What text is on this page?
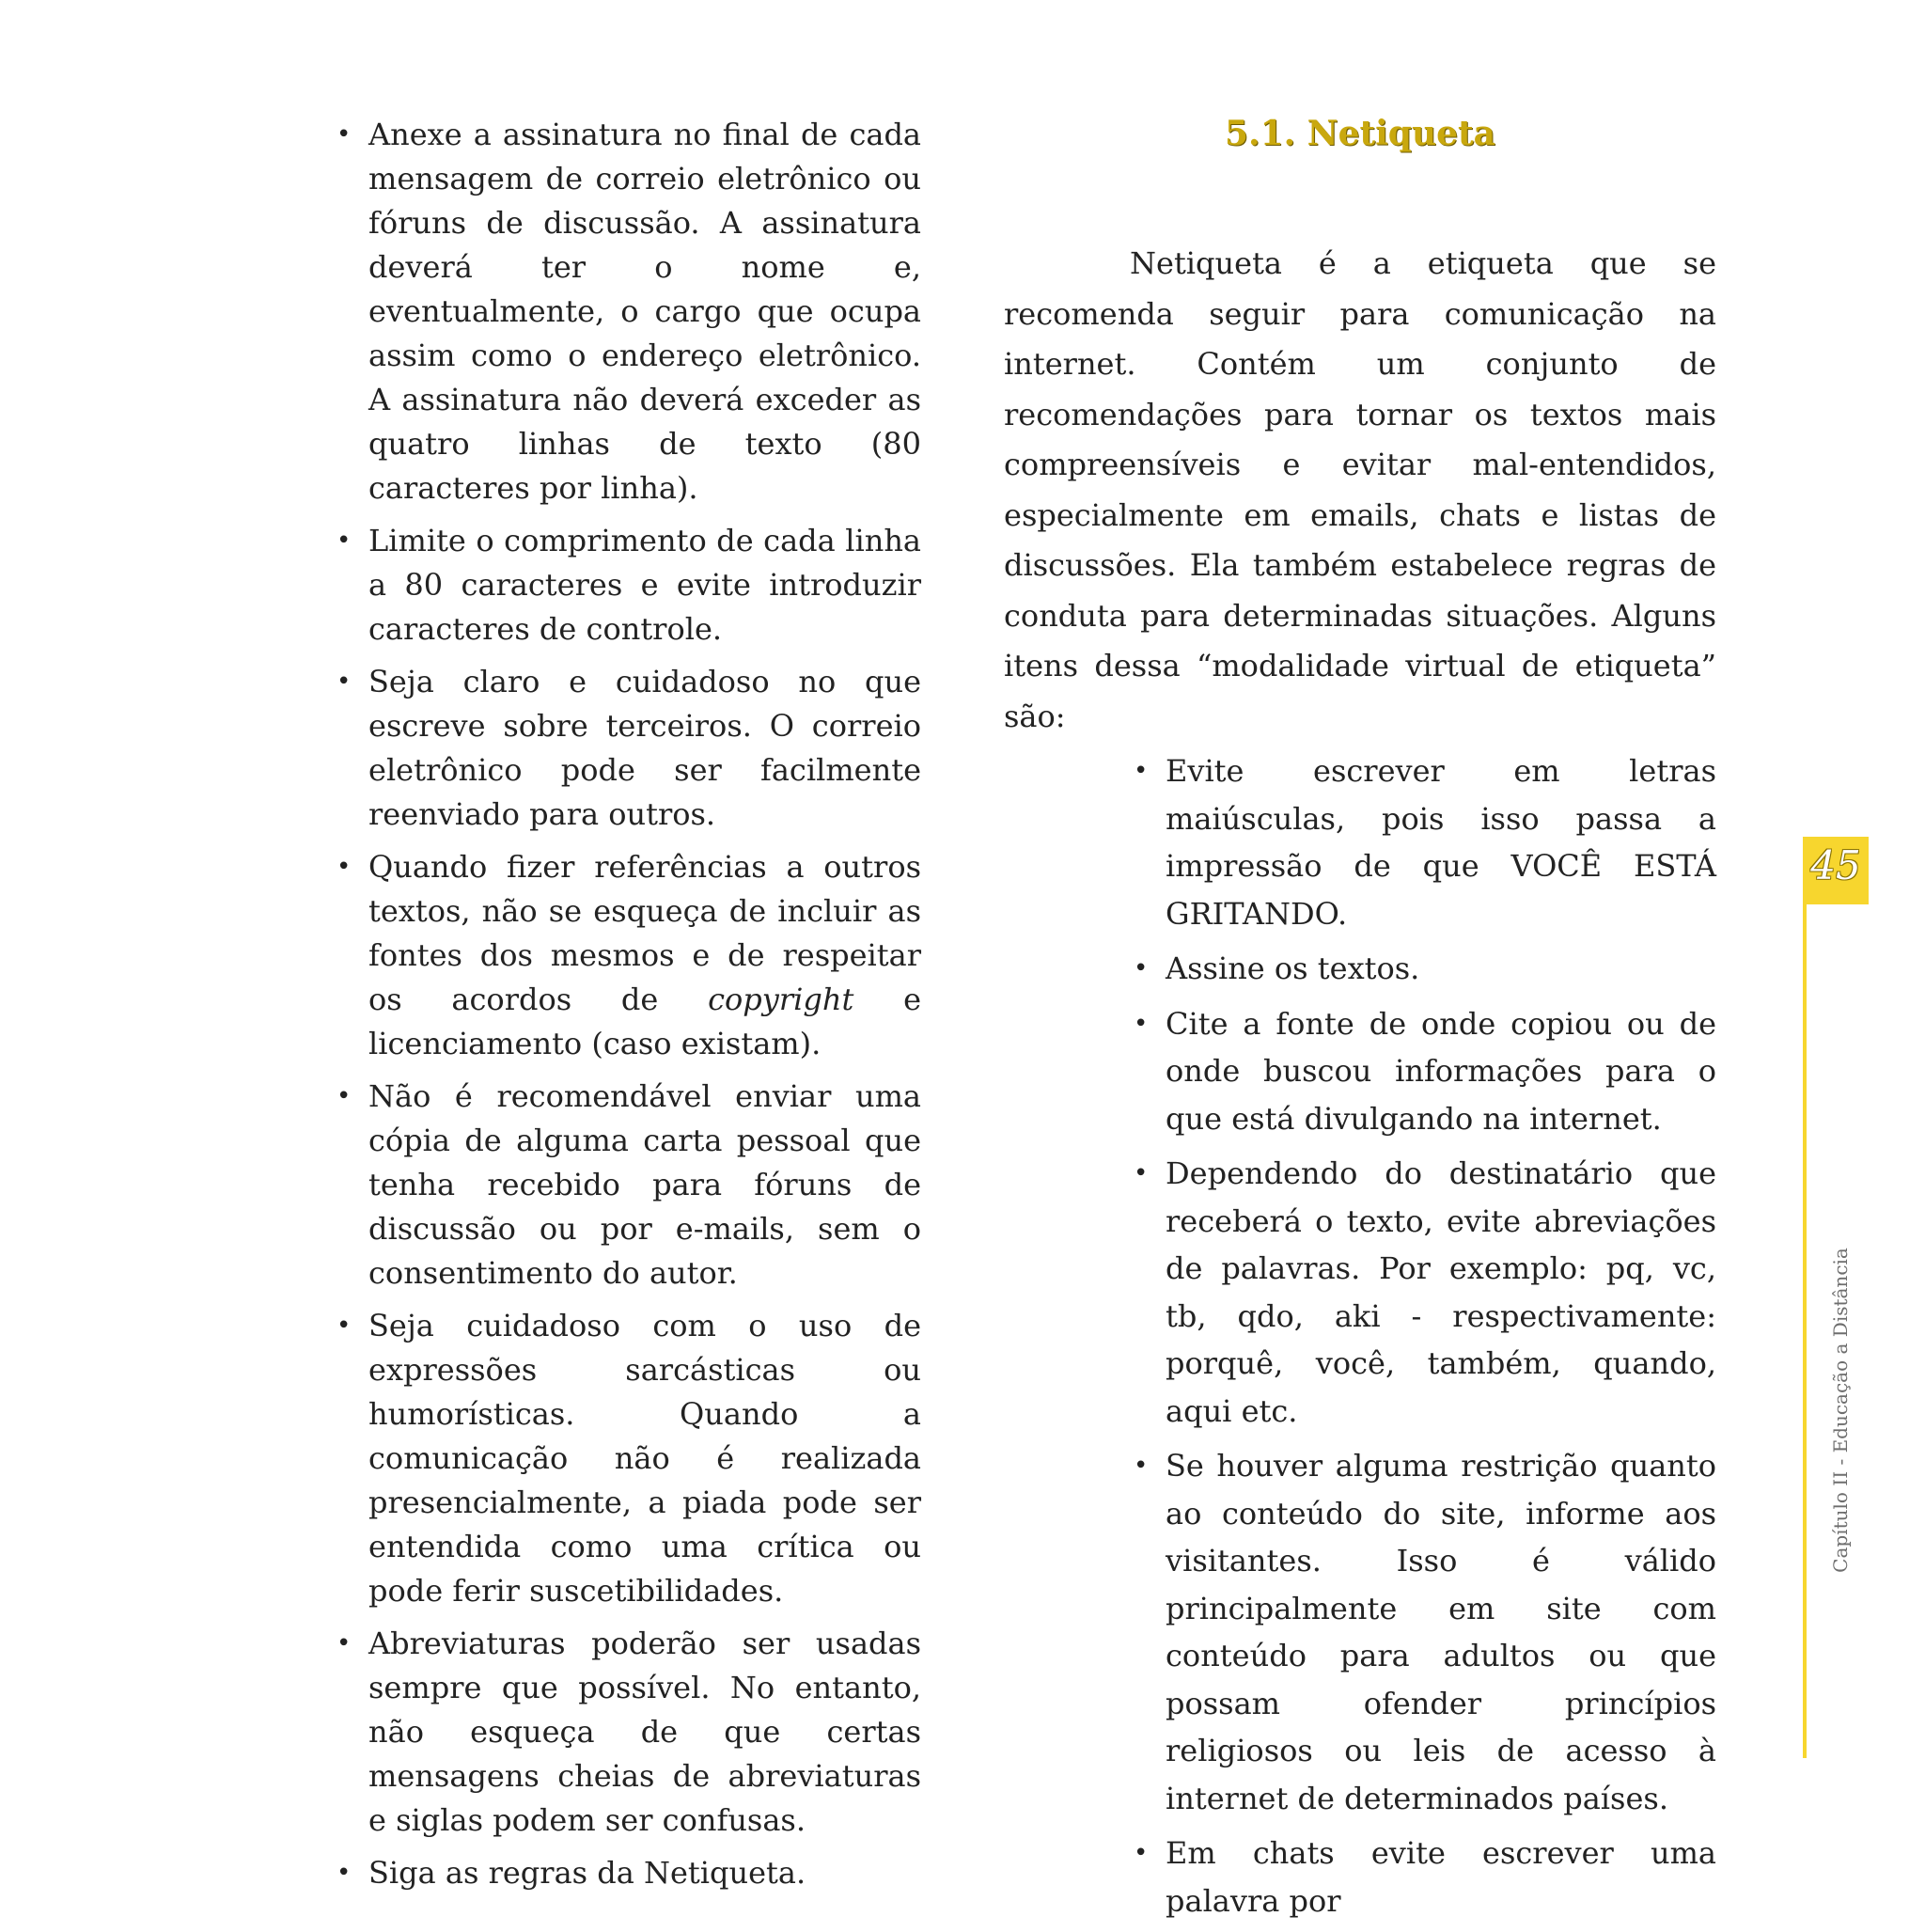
• Anexe a assinatura no final de cada mensagem de correio eletrônico ou fóruns de discussão. A assinatura deverá ter o nome e, eventualmente, o cargo que ocupa assim como o endereço eletrônico. A assinatura não deverá exceder as quatro linhas de texto (80 caracteres por linha).
• Limite o comprimento de cada linha a 80 caracteres e evite introduzir caracteres de controle.
• Seja claro e cuidadoso no que escreve sobre terceiros. O correio eletrônico pode ser facilmente reenviado para outros.
• Quando fizer referências a outros textos, não se esqueça de incluir as fontes dos mesmos e de respeitar os acordos de copyright e licenciamento (caso existam).
• Não é recomendável enviar uma cópia de alguma carta pessoal que tenha recebido para fóruns de discussão ou por e-mails, sem o consentimento do autor.
• Seja cuidadoso com o uso de expressões sarcásticas ou humorísticas. Quando a comunicação não é realizada presencialmente, a piada pode ser entendida como uma crítica ou pode ferir suscetibilidades.
• Abreviaturas poderão ser usadas sempre que possível. No entanto, não esqueça de que certas mensagens cheias de abreviaturas e siglas podem ser confusas.
• Siga as regras da Netiqueta.
5.1. Netiqueta

Netiqueta é a etiqueta que se recomenda seguir para comunicação na internet. Contém um conjunto de recomendações para tornar os textos mais compreensíveis e evitar mal-entendidos, especialmente em emails, chats e listas de discussões. Ela também estabelece regras de conduta para determinadas situações. Alguns itens dessa “modalidade virtual de etiqueta” são:

• Evite escrever em letras maiúsculas, pois isso passa a impressão de que VOCÊ ESTÁ GRITANDO.
• Assine os textos.
• Cite a fonte de onde copiou ou de onde buscou informações para o que está divulgando na internet.
• Dependendo do destinatário que receberá o texto, evite abreviações de palavras. Por exemplo: pq, vc, tb, qdo, aki - respectivamente: porquê, você, também, quando, aqui etc.
• Se houver alguma restrição quanto ao conteúdo do site, informe aos visitantes. Isso é válido principalmente em site com conteúdo para adultos ou que possam ofender princípios religiosos ou leis de acesso à internet de determinados países.
• Em chats evite escrever uma palavra por
45
Capítulo II - Educação a Distância
